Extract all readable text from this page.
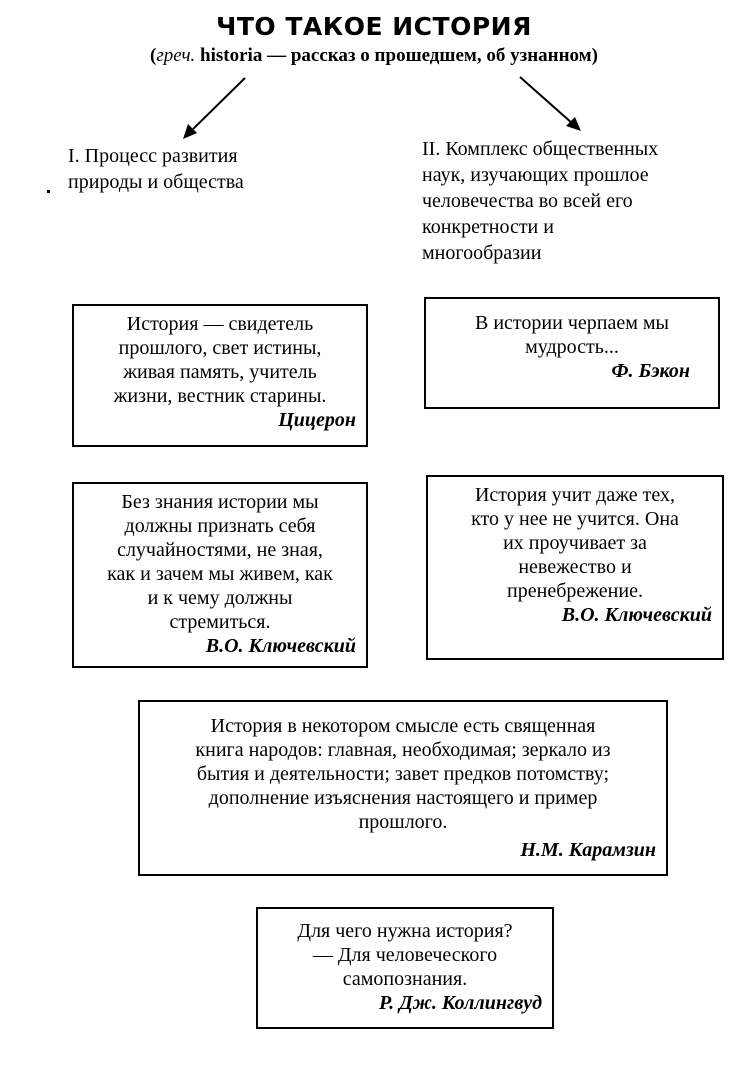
ЧТО ТАКОЕ ИСТОРИЯ
(греч. historia — рассказ о прошедшем, об узнанном)
I. Процесс развития
природы и общества
II. Комплекс общественных
наук, изучающих прошлое
человечества во всей его
конкретности и
многообразии
История — свидетель
прошлого, свет истины,
живая память, учитель
жизни, вестник старины.
Цицерон
В истории черпаем мы
мудрость...
Ф. Бэкон
Без знания истории мы
должны признать себя
случайностями, не зная,
как и зачем мы живем, как
и к чему должны
стремиться.
В.О. Ключевский
История учит даже тех,
кто у нее не учится. Она
их проучивает за
невежество и
пренебрежение.
В.О. Ключевский
История в некотором смысле есть священная
книга народов: главная, необходимая; зеркало из
бытия и деятельности; завет предков потомству;
дополнение изъяснения настоящего и пример
прошлого.
Н.М. Карамзин
Для чего нужна история?
— Для человеческого
самопознания.
Р. Дж. Коллингвуд
